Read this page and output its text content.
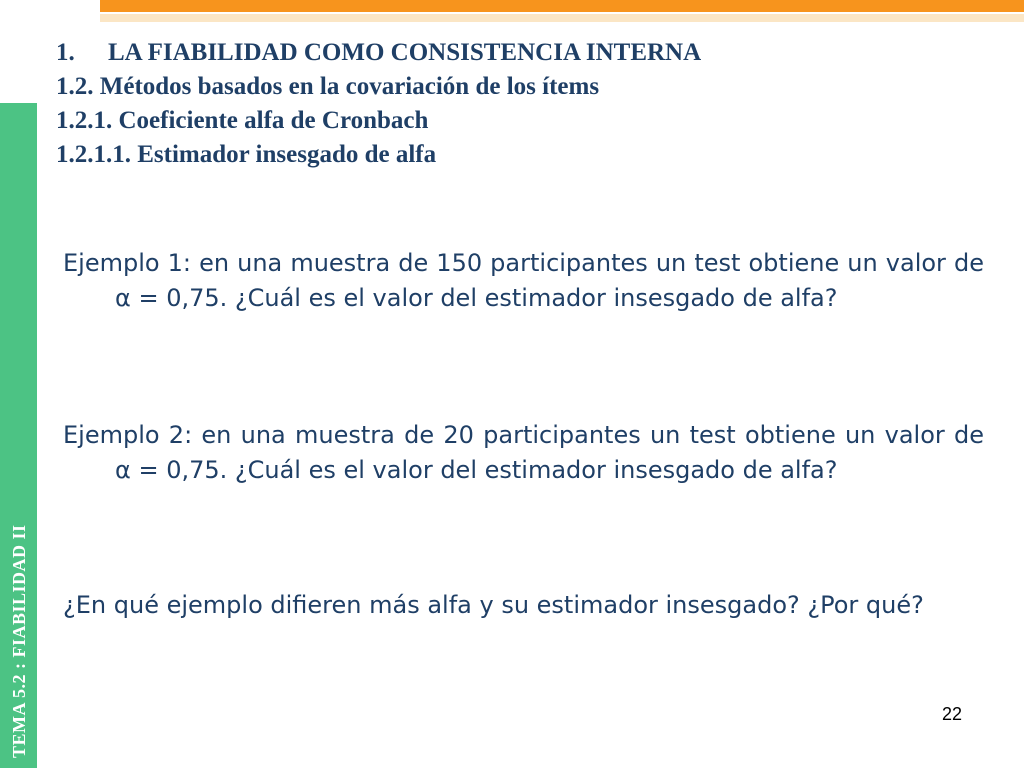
TEMA 5.2 : FIABILIDAD II
1. LA FIABILIDAD COMO CONSISTENCIA INTERNA
1.2. Métodos basados en la covariación de los ítems
1.2.1. Coeficiente alfa de Cronbach
1.2.1.1. Estimador insesgado de alfa

Ejemplo 1: en una muestra de 150 participantes un test obtiene un valor de α = 0,75. ¿Cuál es el valor del estimador insesgado de alfa?

Ejemplo 2: en una muestra de 20 participantes un test obtiene un valor de α = 0,75. ¿Cuál es el valor del estimador insesgado de alfa?

¿En qué ejemplo difieren más alfa y su estimador insesgado? ¿Por qué?

22
